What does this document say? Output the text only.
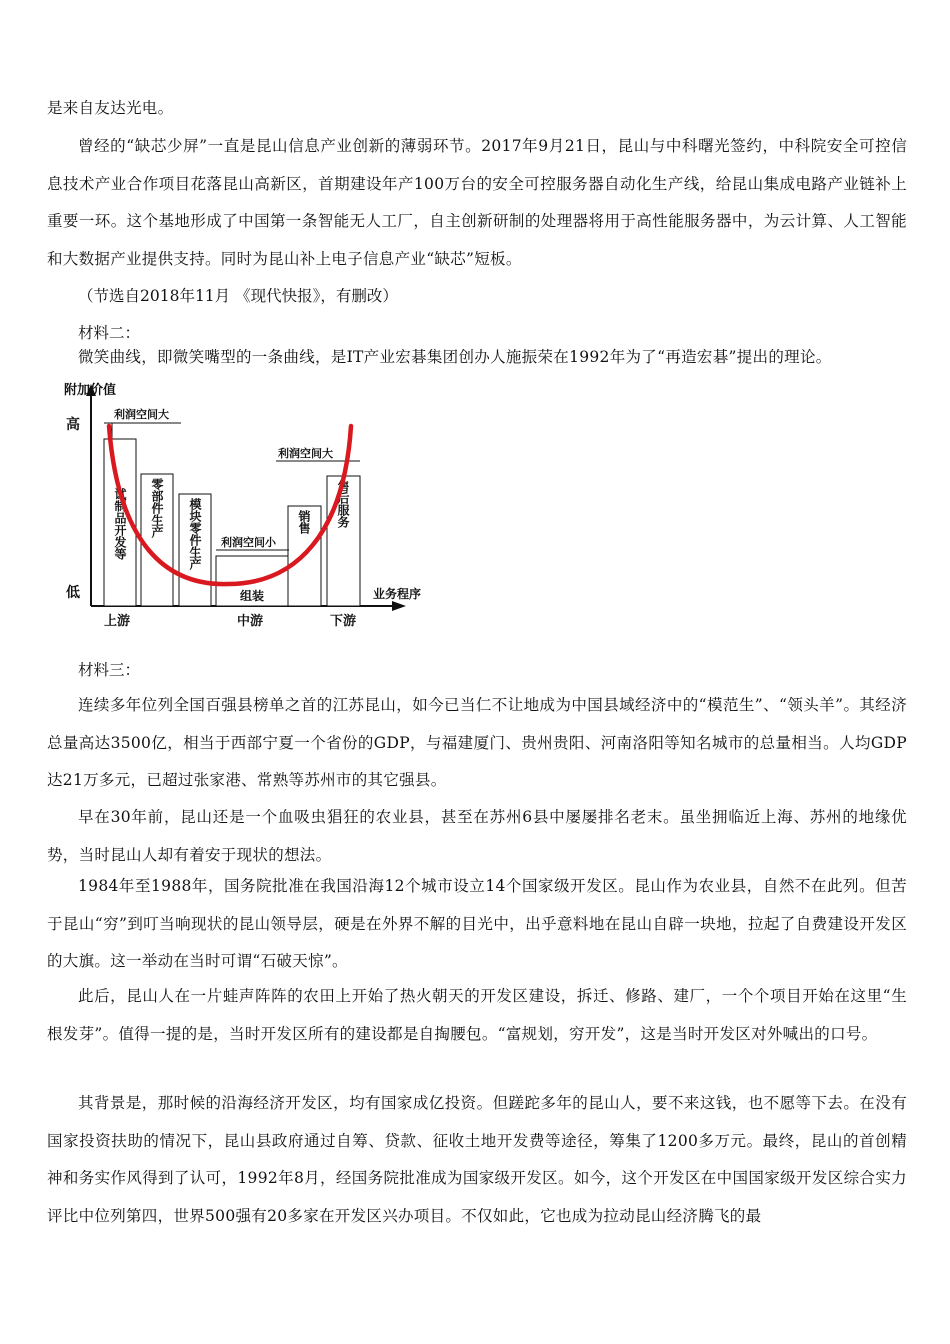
是来自友达光电。

曾经的“缺芯少屏”一直是昆山信息产业创新的薄弱环节。2017年9月21日，昆山与中科曙光签约，中科院安全可控信息技术产业合作项目花落昆山高新区，首期建设年产100万台的安全可控服务器自动化生产线，给昆山集成电路产业链补上重要一环。这个基地形成了中国第一条智能无人工厂，自主创新研制的处理器将用于高性能服务器中，为云计算、人工智能和大数据产业提供支持。同时为昆山补上电子信息产业“缺芯”短板。

（节选自2018年11月 《现代快报》，有删改）

材料二：

微笑曲线，即微笑嘴型的一条曲线，是IT产业宏碁集团创办人施振荣在1992年为了“再造宏碁”提出的理论。

附加价值
高
低	业务程序
上游	中游	下游
利润空间大
利润空间小
利润空间大
试制品开发等 零部件生产 模块零件生产
组装
销售 售后服务

材料三：

连续多年位列全国百强县榜单之首的江苏昆山，如今已当仁不让地成为中国县域经济中的“模范生”、“领头羊”。其经济总量高达3500亿，相当于西部宁夏一个省份的GDP，与福建厦门、贵州贵阳、河南洛阳等知名城市的总量相当。人均GDP达21万多元，已超过张家港、常熟等苏州市的其它强县。

早在30年前，昆山还是一个血吸虫猖狂的农业县，甚至在苏州6县中屡屡排名老末。虽坐拥临近上海、苏州的地缘优势，当时昆山人却有着安于现状的想法。

1984年至1988年，国务院批准在我国沿海12个城市设立14个国家级开发区。昆山作为农业县，自然不在此列。但苦于昆山“穷”到叮当响现状的昆山领导层，硬是在外界不解的目光中，出乎意料地在昆山自辟一块地，拉起了自费建设开发区的大旗。这一举动在当时可谓“石破天惊”。

此后，昆山人在一片蛙声阵阵的农田上开始了热火朝天的开发区建设，拆迁、修路、建厂，一个个项目开始在这里“生根发芽”。值得一提的是，当时开发区所有的建设都是自掏腰包。“富规划，穷开发”，这是当时开发区对外喊出的口号。

其背景是，那时候的沿海经济开发区，均有国家成亿投资。但蹉跎多年的昆山人，要不来这钱，也不愿等下去。在没有国家投资扶助的情况下，昆山县政府通过自筹、贷款、征收土地开发费等途径，筹集了1200多万元。最终，昆山的首创精神和务实作风得到了认可，1992年8月，经国务院批准成为国家级开发区。如今，这个开发区在中国国家级开发区综合实力评比中位列第四，世界500强有20多家在开发区兴办项目。不仅如此，它也成为拉动昆山经济腾飞的最
